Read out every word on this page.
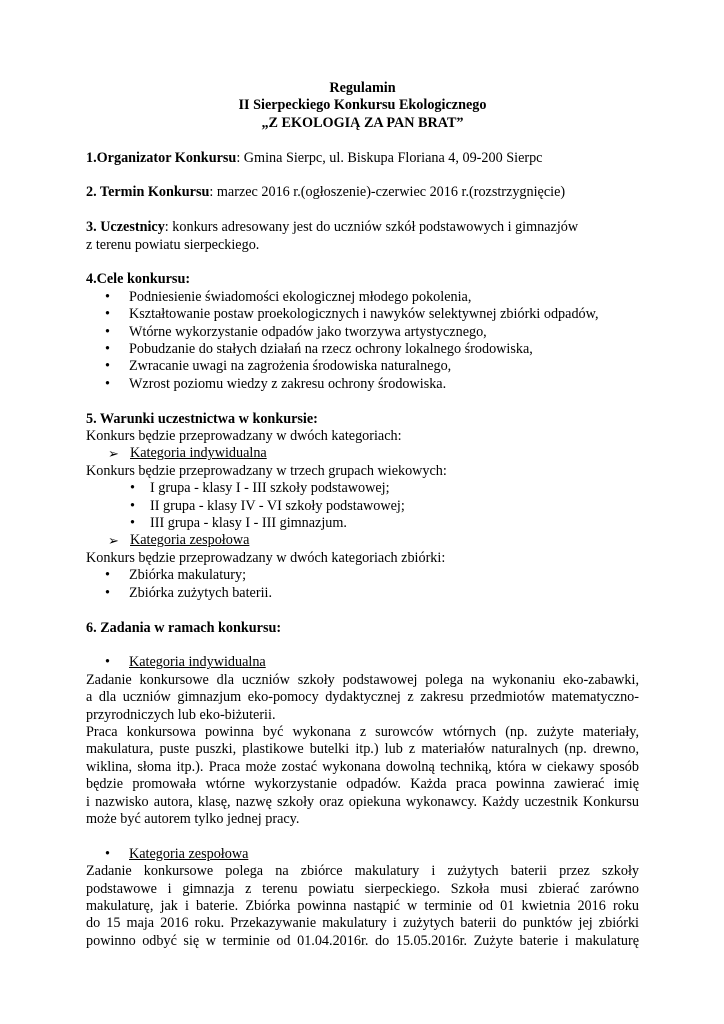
Regulamin

II Sierpeckiego Konkursu Ekologicznego

„Z EKOLOGIĄ ZA PAN BRAT”

1.Organizator Konkursu: Gmina Sierpc, ul. Biskupa Floriana 4, 09-200 Sierpc

2. Termin Konkursu: marzec 2016 r.(ogłoszenie)-czerwiec 2016 r.(rozstrzygnięcie)

3. Uczestnicy: konkurs adresowany jest do uczniów szkół podstawowych i gimnazjów

z terenu powiatu sierpeckiego.

4.Cele konkursu:

• Podniesienie świadomości ekologicznej młodego pokolenia,
• Kształtowanie postaw proekologicznych i nawyków selektywnej zbiórki odpadów,
• Wtórne wykorzystanie odpadów jako tworzywa artystycznego,
• Pobudzanie do stałych działań na rzecz ochrony lokalnego środowiska,
• Zwracanie uwagi na zagrożenia środowiska naturalnego,
• Wzrost poziomu wiedzy z zakresu ochrony środowiska.

5. Warunki uczestnictwa w konkursie:

Konkurs będzie przeprowadzany w dwóch kategoriach:

➢ Kategoria indywidualna

Konkurs będzie przeprowadzany w trzech grupach wiekowych:

• I grupa - klasy I - III szkoły podstawowej;
• II grupa - klasy IV - VI szkoły podstawowej;
• III grupa - klasy I - III gimnazjum.

➢ Kategoria zespołowa

Konkurs będzie przeprowadzany w dwóch kategoriach zbiórki:

• Zbiórka makulatury;
• Zbiórka zużytych baterii.

6. Zadania w ramach konkursu:

• Kategoria indywidualna

Zadanie konkursowe dla uczniów szkoły podstawowej polega na wykonaniu eko-zabawki,

a dla uczniów gimnazjum eko-pomocy dydaktycznej z zakresu przedmiotów matematyczno-

przyrodniczych lub eko-biżuterii.

Praca konkursowa powinna być wykonana z surowców wtórnych (np. zużyte materiały,

makulatura, puste puszki, plastikowe butelki itp.) lub z materiałów naturalnych (np. drewno,

wiklina, słoma itp.). Praca może zostać wykonana dowolną techniką, która w ciekawy sposób

będzie promowała wtórne wykorzystanie odpadów. Każda praca powinna zawierać imię

i nazwisko autora, klasę, nazwę szkoły oraz opiekuna wykonawcy. Każdy uczestnik Konkursu

może być autorem tylko jednej pracy.

• Kategoria zespołowa

Zadanie konkursowe polega na zbiórce makulatury i zużytych baterii przez szkoły

podstawowe i gimnazja z terenu powiatu sierpeckiego. Szkoła musi zbierać zarówno

makulaturę, jak i baterie. Zbiórka powinna nastąpić w terminie od 01 kwietnia 2016 roku

do 15 maja 2016 roku. Przekazywanie makulatury i zużytych baterii do punktów jej zbiórki

powinno odbyć się w terminie od 01.04.2016r. do 15.05.2016r. Zużyte baterie i makulaturę
